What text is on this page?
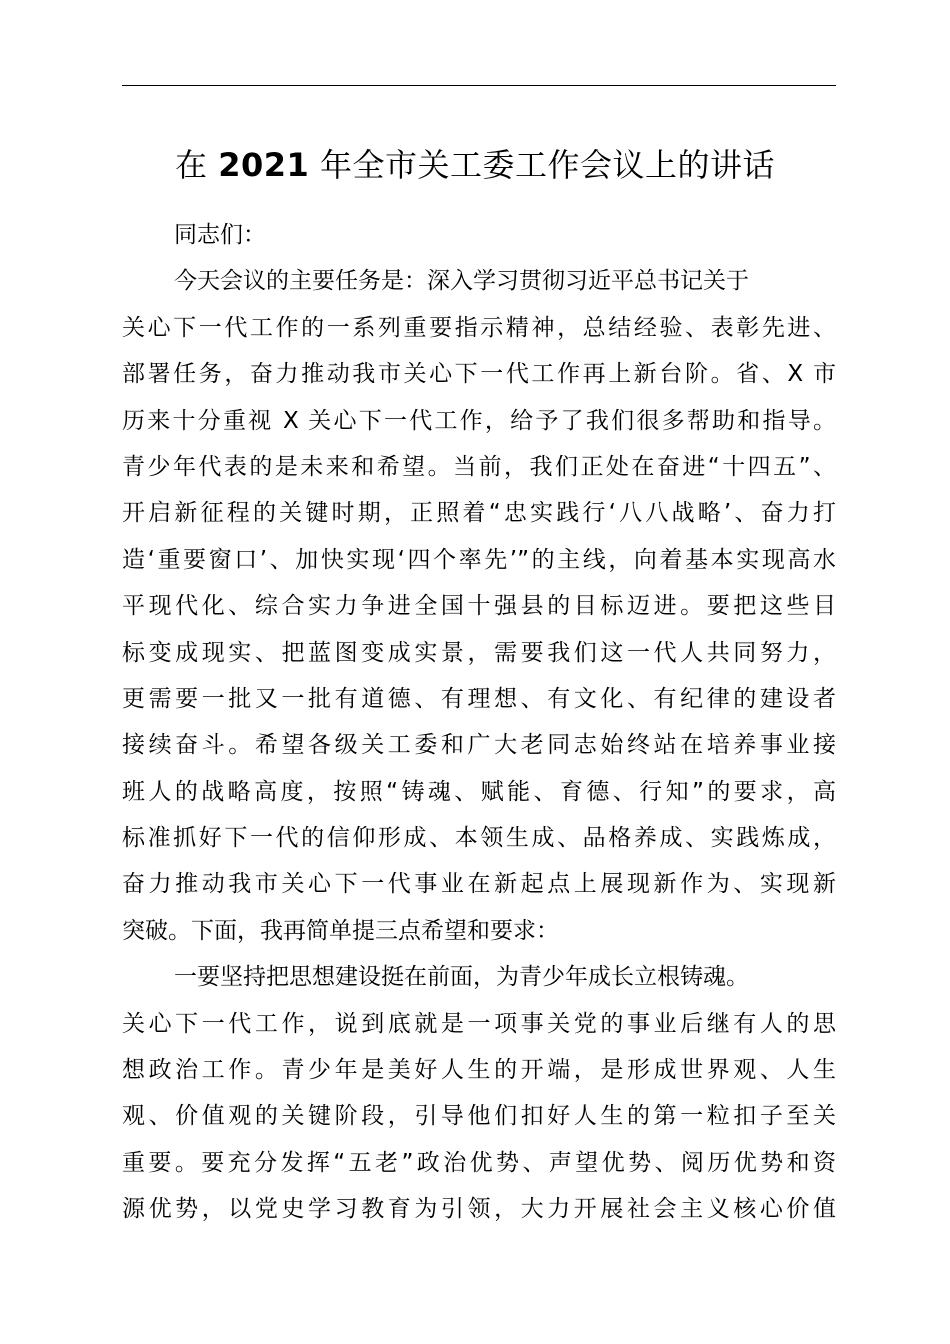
在 2021 年全市关工委工作会议上的讲话
同志们：
今天会议的主要任务是：深入学习贯彻习近平总书记关于
关心下一代工作的一系列重要指示精神，总结经验、表彰先进、
部署任务，奋力推动我市关心下一代工作再上新台阶。省、X 市
历来十分重视 X 关心下一代工作，给予了我们很多帮助和指导。
青少年代表的是未来和希望。当前，我们正处在奋进“十四五”、
开启新征程的关键时期，正照着“忠实践行‘八八战略’、奋力打
造‘重要窗口’、加快实现‘四个率先’”的主线，向着基本实现高水
平现代化、综合实力争进全国十强县的目标迈进。要把这些目
标变成现实、把蓝图变成实景，需要我们这一代人共同努力，
更需要一批又一批有道德、有理想、有文化、有纪律的建设者
接续奋斗。希望各级关工委和广大老同志始终站在培养事业接
班人的战略高度，按照“铸魂、赋能、育德、行知”的要求，高
标准抓好下一代的信仰形成、本领生成、品格养成、实践炼成，
奋力推动我市关心下一代事业在新起点上展现新作为、实现新
突破。下面，我再简单提三点希望和要求：
一要坚持把思想建设挺在前面，为青少年成长立根铸魂。
关心下一代工作，说到底就是一项事关党的事业后继有人的思
想政治工作。青少年是美好人生的开端，是形成世界观、人生
观、价值观的关键阶段，引导他们扣好人生的第一粒扣子至关
重要。要充分发挥“五老”政治优势、声望优势、阅历优势和资
源优势，以党史学习教育为引领，大力开展社会主义核心价值
